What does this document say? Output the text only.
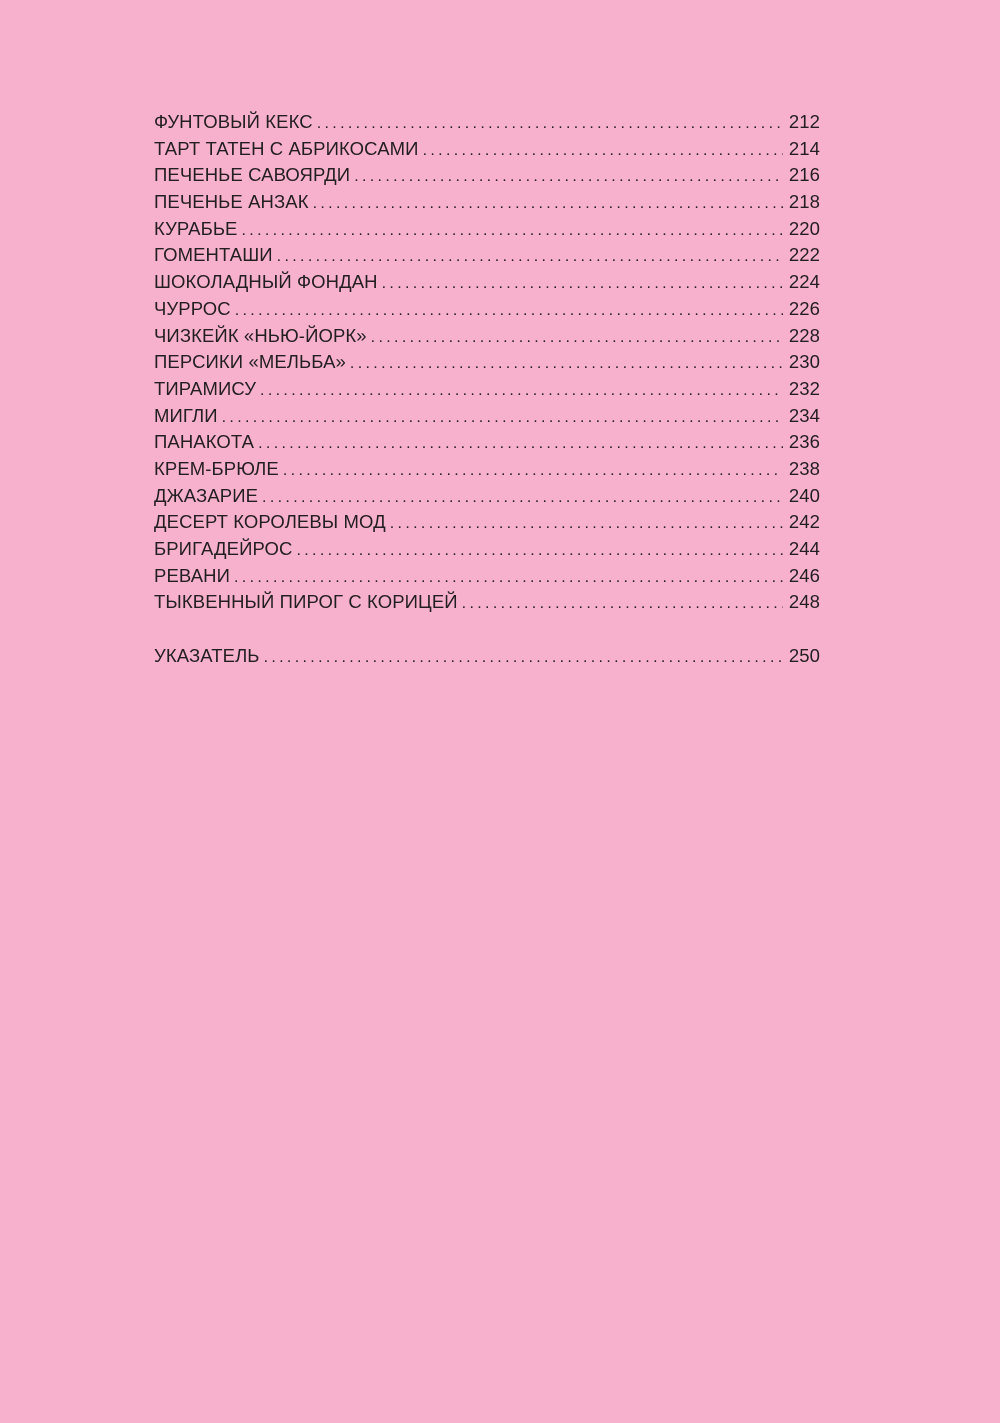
ФУНТОВЫЙ КЕКС . . .	212
ТАРТ ТАТЕН С АБРИКОСАМИ . . .	214
ПЕЧЕНЬЕ САВОЯРДИ . . .	216
ПЕЧЕНЬЕ АНЗАК . . .	218
КУРАБЬЕ . . .	220
ГОМЕНТАШИ . . .	222
ШОКОЛАДНЫЙ ФОНДАН . . .	224
ЧУРРОС . . .	226
ЧИЗКЕЙК «НЬЮ-ЙОРК» . . .	228
ПЕРСИКИ «МЕЛЬБА» . . .	230
ТИРАМИСУ . . .	232
МИГЛИ . . .	234
ПАНАКОТА . . .	236
КРЕМ-БРЮЛЕ . . .	238
ДЖАЗАРИЕ . . .	240
ДЕСЕРТ КОРОЛЕВЫ МОД . . .	242
БРИГАДЕЙРОС . . .	244
РЕВАНИ . . .	246
ТЫКВЕННЫЙ ПИРОГ С КОРИЦЕЙ . . .	248
УКАЗАТЕЛЬ . . .	250
